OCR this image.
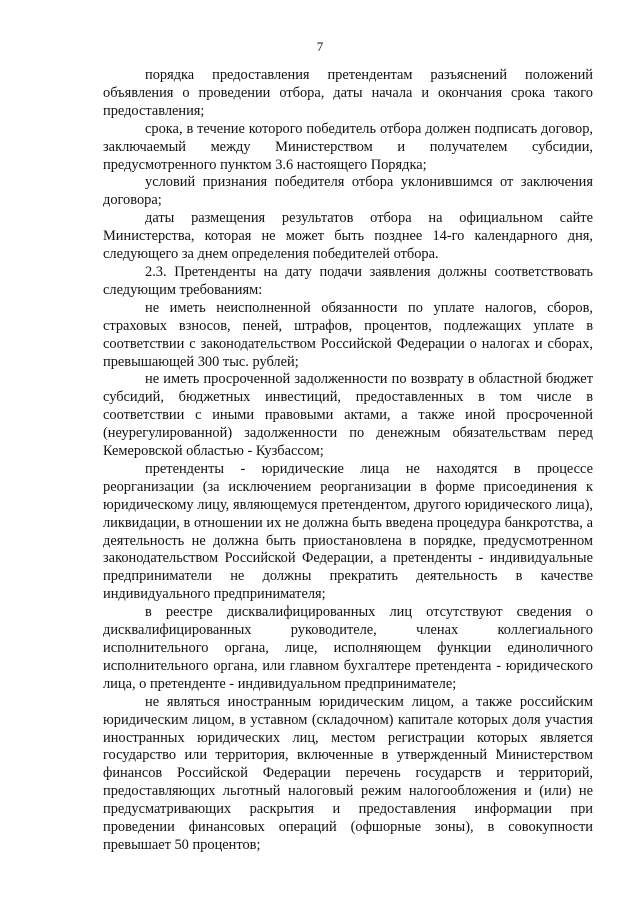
7

порядка предоставления претендентам разъяснений положений объявления о проведении отбора, даты начала и окончания срока такого предоставления;

срока, в течение которого победитель отбора должен подписать договор, заключаемый между Министерством и получателем субсидии, предусмотренного пунктом 3.6 настоящего Порядка;

условий признания победителя отбора уклонившимся от заключения договора;

даты размещения результатов отбора на официальном сайте Министерства, которая не может быть позднее 14-го календарного дня, следующего за днем определения победителей отбора.

2.3. Претенденты на дату подачи заявления должны соответствовать следующим требованиям:

не иметь неисполненной обязанности по уплате налогов, сборов, страховых взносов, пеней, штрафов, процентов, подлежащих уплате в соответствии с законодательством Российской Федерации о налогах и сборах, превышающей 300 тыс. рублей;

не иметь просроченной задолженности по возврату в областной бюджет субсидий, бюджетных инвестиций, предоставленных в том числе в соответствии с иными правовыми актами, а также иной просроченной (неурегулированной) задолженности по денежным обязательствам перед Кемеровской областью - Кузбассом;

претенденты - юридические лица не находятся в процессе реорганизации (за исключением реорганизации в форме присоединения к юридическому лицу, являющемуся претендентом, другого юридического лица), ликвидации, в отношении их не должна быть введена процедура банкротства, а деятельность не должна быть приостановлена в порядке, предусмотренном законодательством Российской Федерации, а претенденты - индивидуальные предприниматели не должны прекратить деятельность в качестве индивидуального предпринимателя;

в реестре дисквалифицированных лиц отсутствуют сведения о дисквалифицированных руководителе, членах коллегиального исполнительного органа, лице, исполняющем функции единоличного исполнительного органа, или главном бухгалтере претендента - юридического лица, о претенденте - индивидуальном предпринимателе;

не являться иностранным юридическим лицом, а также российским юридическим лицом, в уставном (складочном) капитале которых доля участия иностранных юридических лиц, местом регистрации которых является государство или территория, включенные в утвержденный Министерством финансов Российской Федерации перечень государств и территорий, предоставляющих льготный налоговый режим налогообложения и (или) не предусматривающих раскрытия и предоставления информации при проведении финансовых операций (офшорные зоны), в совокупности превышает 50 процентов;
